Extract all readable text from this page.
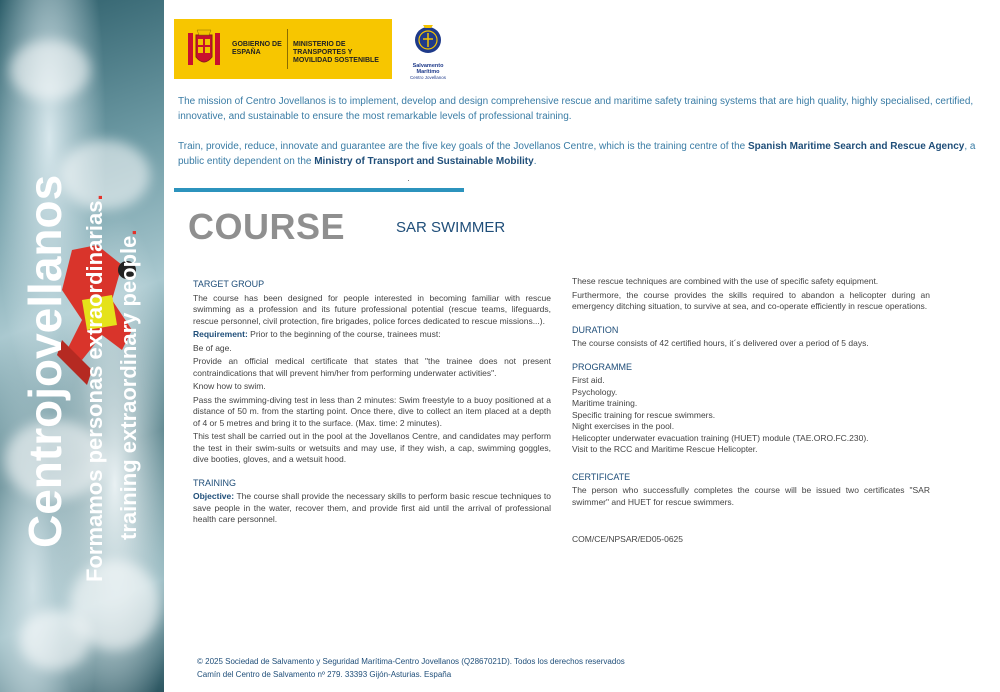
Centrojovellanos Formamos personas extraordinarias.
training extraordinary people.
GOBIERNO DE ESPAÑA
MINISTERIO DE TRANSPORTES Y MOVILIDAD SOSTENIBLE
Salvamento Marítimo
Centro Jovellanos
The mission of Centro Jovellanos is to implement, develop and design comprehensive rescue and maritime safety training systems that are high quality, highly specialised, certified, innovative, and sustainable to ensure the most remarkable levels of professional training.
Train, provide, reduce, innovate and guarantee are the five key goals of the Jovellanos Centre, which is the training centre of the Spanish Maritime Search and Rescue Agency, a public entity dependent on the Ministry of Transport and Sustainable Mobility.
COURSE	SAR SWIMMER
TARGET GROUP
The course has been designed for people interested in becoming familiar with rescue swimming as a profession and its future professional potential (rescue teams, lifeguards, rescue personnel, civil protection, fire brigades, police forces dedicated to rescue missions...).
Requirement: Prior to the beginning of the course, trainees must:
Be of age.
Provide an official medical certificate that states that "the trainee does not present contraindications that will prevent him/her from performing underwater activities".
Know how to swim.
Pass the swimming-diving test in less than 2 minutes: Swim freestyle to a buoy positioned at a distance of 50 m. from the starting point. Once there, dive to collect an item placed at a depth of 4 or 5 metres and bring it to the surface. (Max. time: 2 minutes).
This test shall be carried out in the pool at the Jovellanos Centre, and candidates may perform the test in their swim-suits or wetsuits and may use, if they wish, a cap, swimming goggles, dive booties, gloves, and a wetsuit hood.
TRAINING
Objective: The course shall provide the necessary skills to perform basic rescue techniques to save people in the water, recover them, and provide first aid until the arrival of professional health care personnel.
These rescue techniques are combined with the use of specific safety equipment.
Furthermore, the course provides the skills required to abandon a helicopter during an emergency ditching situation, to survive at sea, and co-operate efficiently in rescue operations.
DURATION
The course consists of 42 certified hours, it´s delivered over a period of 5 days.
PROGRAMME
First aid.
Psychology.
Maritime training.
Specific training for rescue swimmers.
Night exercises in the pool.
Helicopter underwater evacuation training (HUET) module (TAE.ORO.FC.230).
Visit to the RCC and Maritime Rescue Helicopter.
CERTIFICATE
The person who successfully completes the course will be issued two certificates "SAR swimmer" and HUET for rescue swimmers.
COM/CE/NPSAR/ED05-0625
© 2025 Sociedad de Salvamento y Seguridad Marítima-Centro Jovellanos (Q2867021D). Todos los derechos reservados
Camín del Centro de Salvamento nº 279. 33393 Gijón-Asturias. España
